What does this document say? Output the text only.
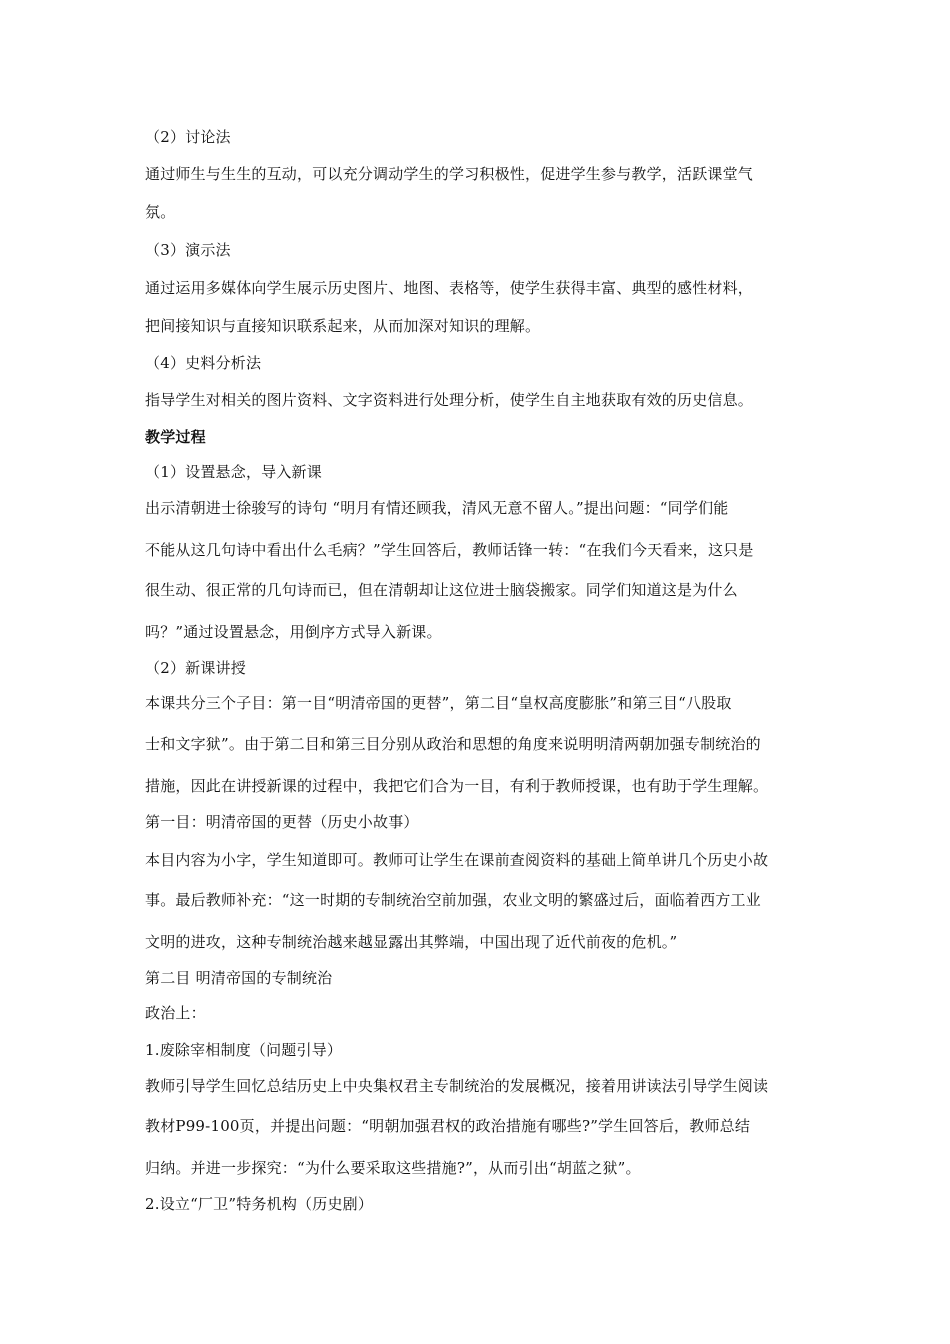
（2）讨论法
通过师生与生生的互动，可以充分调动学生的学习积极性，促进学生参与教学，活跃课堂气
氛。
（3）演示法
通过运用多媒体向学生展示历史图片、地图、表格等，使学生获得丰富、典型的感性材料，
把间接知识与直接知识联系起来，从而加深对知识的理解。
（4）史料分析法
指导学生对相关的图片资料、文字资料进行处理分析，使学生自主地获取有效的历史信息。
教学过程
（1）设置悬念，导入新课
出示清朝进士徐骏写的诗句 “明月有情还顾我，清风无意不留人。”提出问题：“同学们能
不能从这几句诗中看出什么毛病？”学生回答后，教师话锋一转：“在我们今天看来，这只是
很生动、很正常的几句诗而已，但在清朝却让这位进士脑袋搬家。同学们知道这是为什么
吗？”通过设置悬念，用倒序方式导入新课。
（2）新课讲授
本课共分三个子目：第一目“明清帝国的更替”，第二目“皇权高度膨胀”和第三目“八股取
士和文字狱”。由于第二目和第三目分别从政治和思想的角度来说明明清两朝加强专制统治的
措施，因此在讲授新课的过程中，我把它们合为一目，有利于教师授课，也有助于学生理解。
第一目：明清帝国的更替（历史小故事）
本目内容为小字，学生知道即可。教师可让学生在课前查阅资料的基础上简单讲几个历史小故
事。最后教师补充：“这一时期的专制统治空前加强，农业文明的繁盛过后，面临着西方工业
文明的进攻，这种专制统治越来越显露出其弊端，中国出现了近代前夜的危机。”
第二目 明清帝国的专制统治
政治上：
1.废除宰相制度（问题引导）
教师引导学生回忆总结历史上中央集权君主专制统治的发展概况，接着用讲读法引导学生阅读
教材P99-100页，并提出问题：“明朝加强君权的政治措施有哪些?”学生回答后，教师总结
归纳。并进一步探究：“为什么要采取这些措施?”，从而引出“胡蓝之狱”。
2.设立“厂卫”特务机构（历史剧）
